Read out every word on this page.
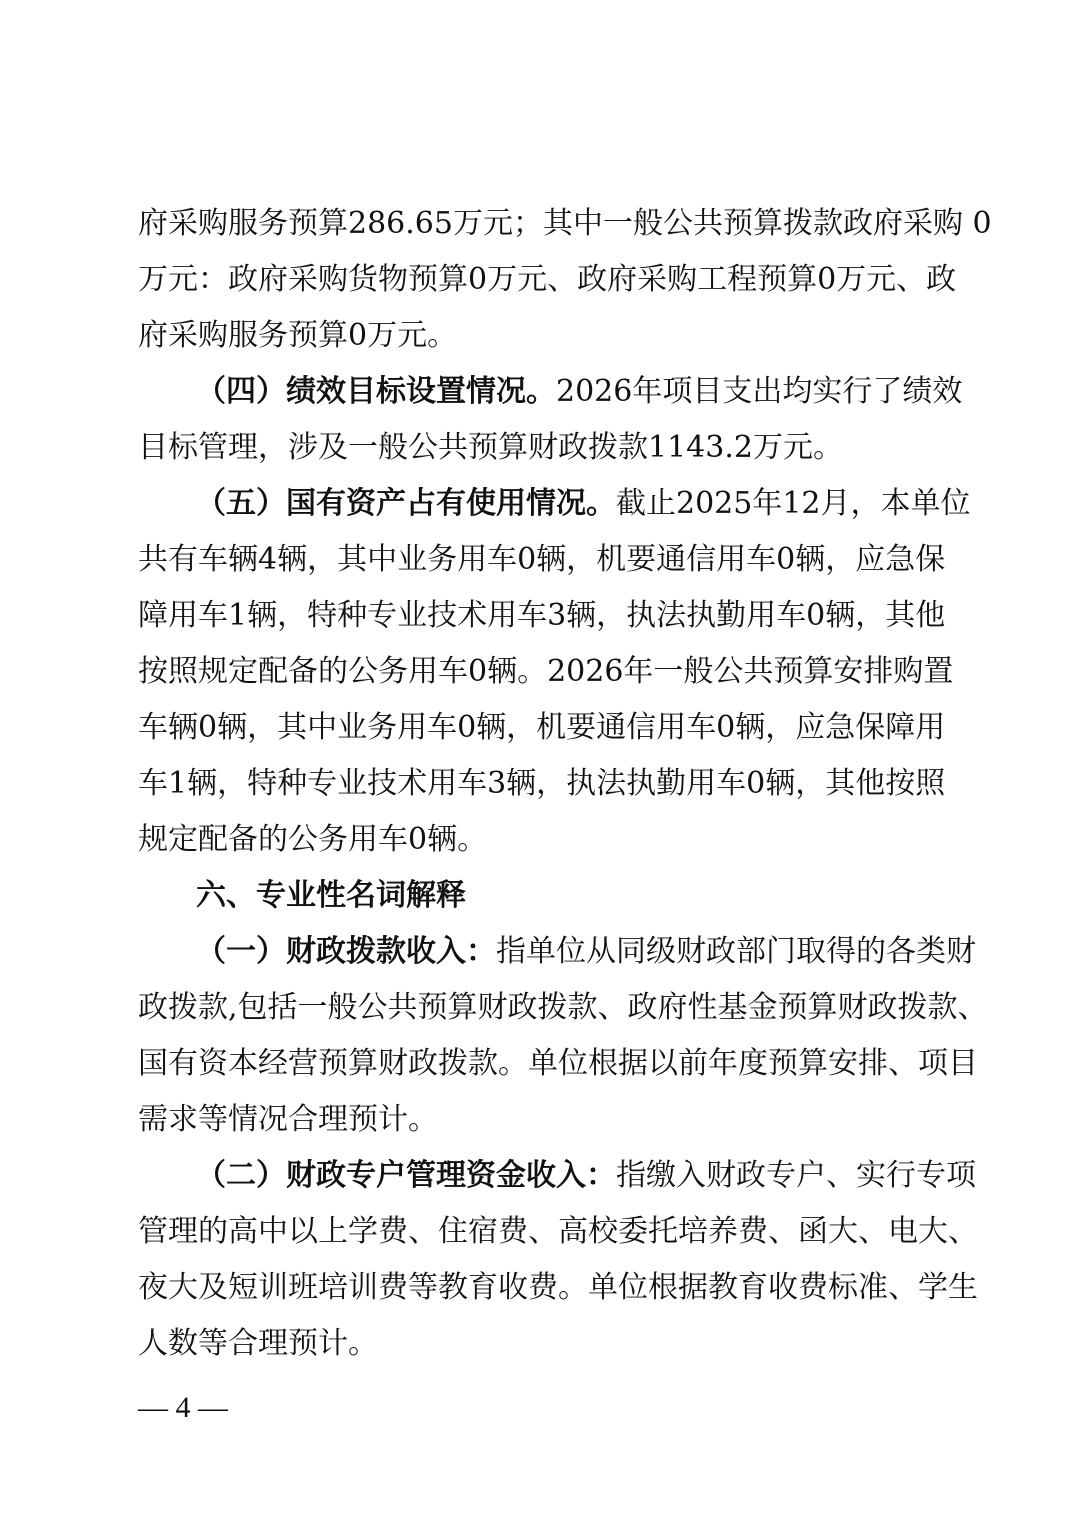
府采购服务预算286.65万元；其中一般公共预算拨款政府采购 0
万元：政府采购货物预算0万元、政府采购工程预算0万元、政
府采购服务预算0万元。
（四）绩效目标设置情况。2026年项目支出均实行了绩效
目标管理，涉及一般公共预算财政拨款1143.2万元。
（五）国有资产占有使用情况。截止2025年12月，本单位
共有车辆4辆，其中业务用车0辆，机要通信用车0辆，应急保
障用车1辆，特种专业技术用车3辆，执法执勤用车0辆，其他
按照规定配备的公务用车0辆。2026年一般公共预算安排购置
车辆0辆，其中业务用车0辆，机要通信用车0辆，应急保障用
车1辆，特种专业技术用车3辆，执法执勤用车0辆，其他按照
规定配备的公务用车0辆。
六、专业性名词解释
（一）财政拨款收入：指单位从同级财政部门取得的各类财
政拨款,包括一般公共预算财政拨款、政府性基金预算财政拨款、
国有资本经营预算财政拨款。单位根据以前年度预算安排、项目
需求等情况合理预计。
（二）财政专户管理资金收入：指缴入财政专户、实行专项
管理的高中以上学费、住宿费、高校委托培养费、函大、电大、
夜大及短训班培训费等教育收费。单位根据教育收费标准、学生
人数等合理预计。
— 4 —
